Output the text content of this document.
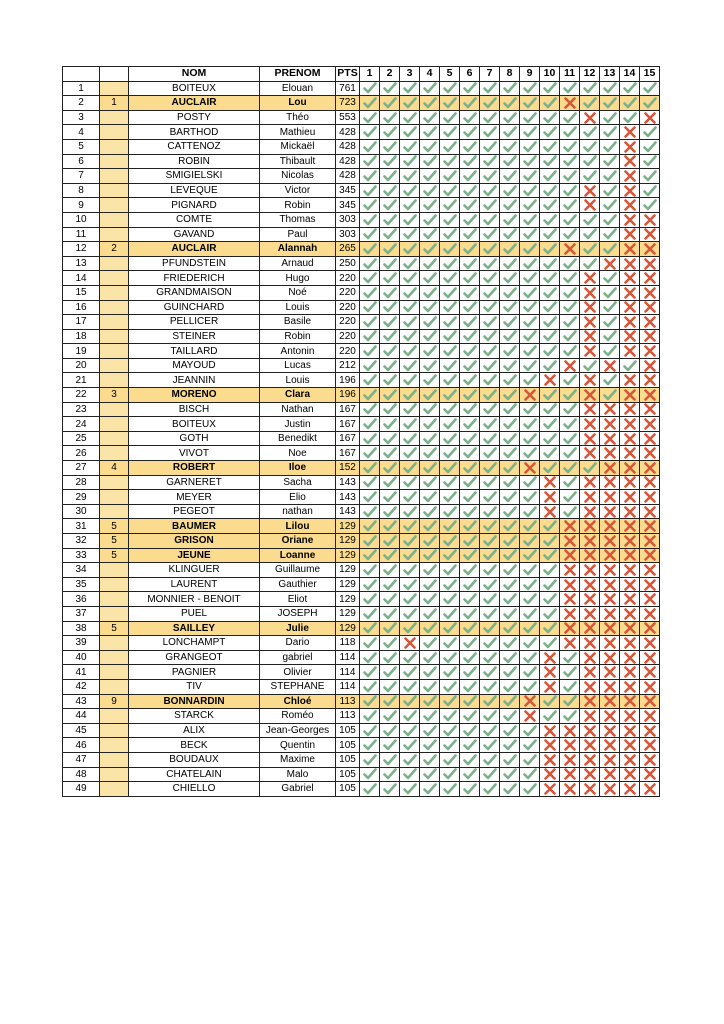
		NOM	PRENOM	PTS	1	2	3	4	5	6	7	8	9	10	11	12	13	14	15
1		BOITEUX	Elouan	761	

2	1	AUCLAIR	Lou	723	

3		POSTY	Théo	553	

4		BARTHOD	Mathieu	428	

5		CATTENOZ	Mickaël	428	

6		ROBIN	Thibault	428	

7		SMIGIELSKI	Nicolas	428	

8		LEVEQUE	Victor	345	

9		PIGNARD	Robin	345	

10		COMTE	Thomas	303	

11		GAVAND	Paul	303	

12	2	AUCLAIR	Alannah	265	

13		PFUNDSTEIN	Arnaud	250	

14		FRIEDERICH	Hugo	220	

15		GRANDMAISON	Noé	220	

16		GUINCHARD	Louis	220	

17		PELLICER	Basile	220	

18		STEINER	Robin	220	

19		TAILLARD	Antonin	220	

20		MAYOUD	Lucas	212	

21		JEANNIN	Louis	196	

22	3	MORENO	Clara	196	

23		BISCH	Nathan	167	

24		BOITEUX	Justin	167	

25		GOTH	Benedikt	167	

26		VIVOT	Noe	167	

27	4	ROBERT	Iloe	152	

28		GARNERET	Sacha	143	

29		MEYER	Elio	143	

30		PEGEOT	nathan	143	

31	5	BAUMER	Lilou	129	

32	5	GRISON	Oriane	129	

33	5	JEUNE	Loanne	129	

34		KLINGUER	Guillaume	129	

35		LAURENT	Gauthier	129	

36		MONNIER - BENOIT	Eliot	129	

37		PUEL	JOSEPH	129	

38	5	SAILLEY	Julie	129	

39		LONCHAMPT	Dario	118	

40		GRANGEOT	gabriel	114	

41		PAGNIER	Olivier	114	

42		TIV	STEPHANE	114	

43	9	BONNARDIN	Chloé	113	

44		STARCK	Roméo	113	

45		ALIX	Jean-Georges	105	

46		BECK	Quentin	105	

47		BOUDAUX	Maxime	105	

48		CHATELAIN	Malo	105	

49		CHIELLO	Gabriel	105	
